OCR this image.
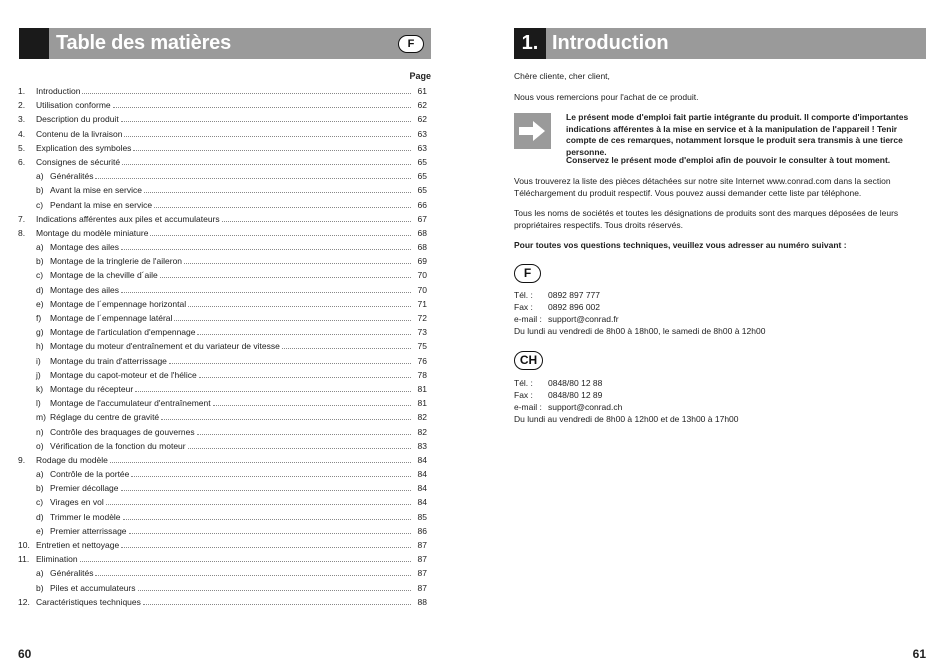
Table des matières	F
Page
1.	Introduction	61
2.	Utilisation conforme	62
3.	Description du produit	62
4.	Contenu de la livraison	63
5.	Explication des symboles	63
6.	Consignes de sécurité	65
a) Généralités	65
b) Avant la mise en service	65
c) Pendant la mise en service	66
7.	Indications afférentes aux piles et accumulateurs	67
8.	Montage du modèle miniature	68
a) Montage des ailes	68
b) Montage de la tringlerie de l'aileron	69
c) Montage de la cheville d´aile	70
d) Montage des ailes	70
e) Montage de l´empennage horizontal	71
f)	Montage de l´empennage latéral	72
g) Montage de l'articulation d'empennage	73
h) Montage du moteur d'entraînement et du variateur de vitesse	75
i)	Montage du train d'atterrissage	76
j)	Montage du capot-moteur et de l'hélice	78
k) Montage du récepteur	81
l)	Montage de l'accumulateur d'entraînement	81
m) Réglage du centre de gravité	82
n) Contrôle des braquages de gouvernes	82
o) Vérification de la fonction du moteur	83
9.	Rodage du modèle	84
a) Contrôle de la portée	84
b) Premier décollage	84
c) Virages en vol	84
d) Trimmer le modèle	85
e) Premier atterrissage	86
10. Entretien et nettoyage	87
11. Elimination	87
a) Généralités	87
b) Piles et accumulateurs	87
12. Caractéristiques techniques	88
60
1. Introduction
Chère cliente, cher client,
Nous vous remercions pour l'achat de ce produit.
Le présent mode d'emploi fait partie intégrante du produit. Il comporte d'importantes indications afférentes à la mise en service et à la manipulation de l'appareil ! Tenir compte de ces remarques, notamment lorsque le produit sera transmis à une tierce personne.
Conservez le présent mode d'emploi afin de pouvoir le consulter à tout moment.
Vous trouverez la liste des pièces détachées sur notre site Internet www.conrad.com dans la section Téléchargement du produit respectif. Vous pouvez aussi demander cette liste par téléphone.
Tous les noms de sociétés et toutes les désignations de produits sont des marques déposées de leurs propriétaires respectifs. Tous droits réservés.
Pour toutes vos questions techniques, veuillez vous adresser au numéro suivant :
F
Tél. :	0892 897 777
Fax :	0892 896 002
e-mail : support@conrad.fr
Du lundi au vendredi de 8h00 à 18h00, le samedi de 8h00 à 12h00
CH
Tél. :	0848/80 12 88
Fax :	0848/80 12 89
e-mail : support@conrad.ch
Du lundi au vendredi de 8h00 à 12h00 et de 13h00 à 17h00
61
